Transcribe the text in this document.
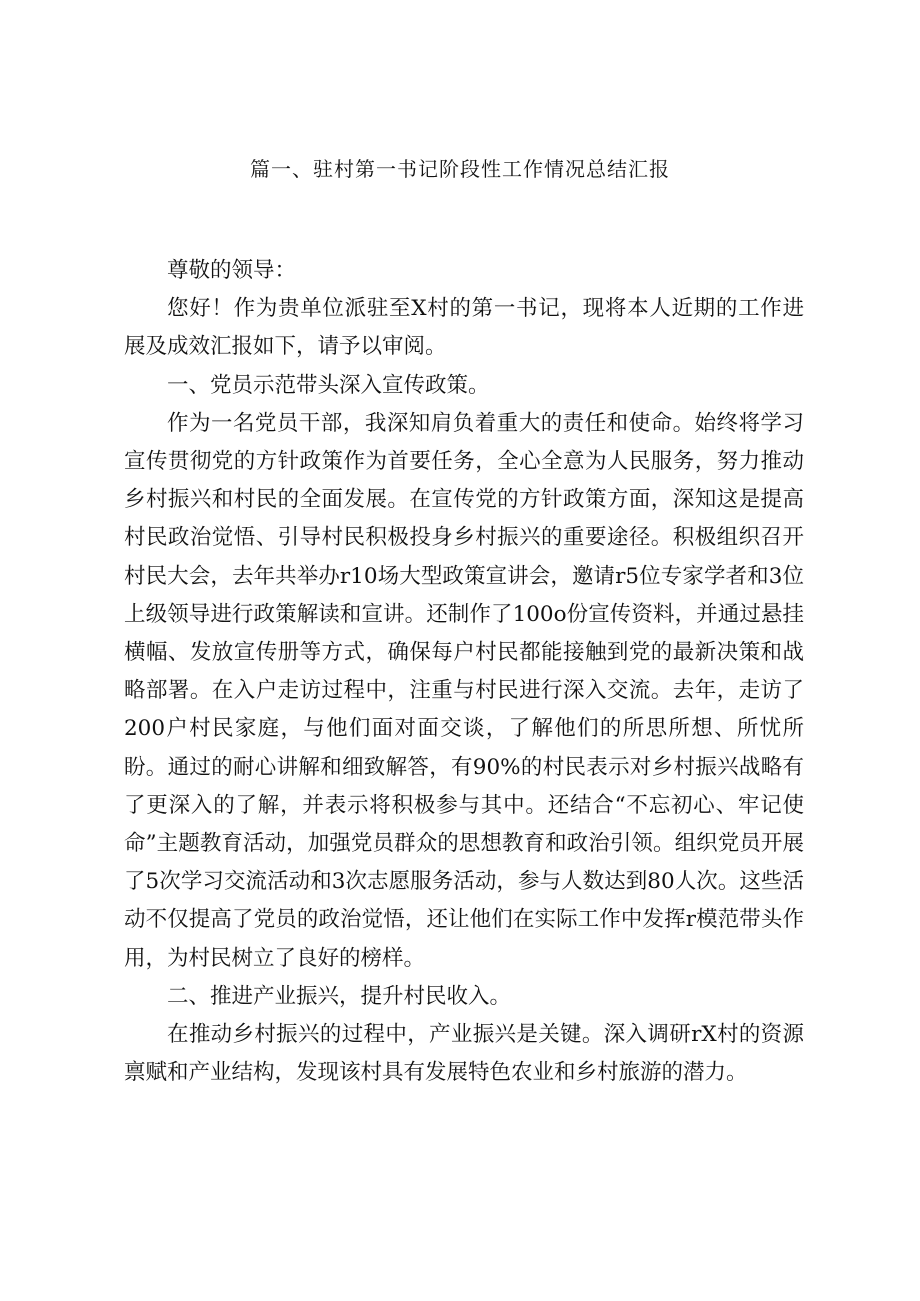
篇一、驻村第一书记阶段性工作情况总结汇报

尊敬的领导：

您好！作为贵单位派驻至X村的第一书记，现将本人近期的工作进展及成效汇报如下，请予以审阅。

一、党员示范带头深入宣传政策。

作为一名党员干部，我深知肩负着重大的责任和使命。始终将学习宣传贯彻党的方针政策作为首要任务，全心全意为人民服务，努力推动乡村振兴和村民的全面发展。在宣传党的方针政策方面，深知这是提高村民政治觉悟、引导村民积极投身乡村振兴的重要途径。积极组织召开村民大会，去年共举办r10场大型政策宣讲会，邀请r5位专家学者和3位上级领导进行政策解读和宣讲。还制作了100o份宣传资料，并通过悬挂横幅、发放宣传册等方式，确保每户村民都能接触到党的最新决策和战略部署。在入户走访过程中，注重与村民进行深入交流。去年，走访了200户村民家庭，与他们面对面交谈，了解他们的所思所想、所忧所盼。通过的耐心讲解和细致解答，有90%的村民表示对乡村振兴战略有了更深入的了解，并表示将积极参与其中。还结合“不忘初心、牢记使命”主题教育活动，加强党员群众的思想教育和政治引领。组织党员开展了5次学习交流活动和3次志愿服务活动，参与人数达到80人次。这些活动不仅提高了党员的政治觉悟，还让他们在实际工作中发挥r模范带头作用，为村民树立了良好的榜样。

二、推进产业振兴，提升村民收入。

在推动乡村振兴的过程中，产业振兴是关键。深入调研rX村的资源禀赋和产业结构，发现该村具有发展特色农业和乡村旅游的潜力。
